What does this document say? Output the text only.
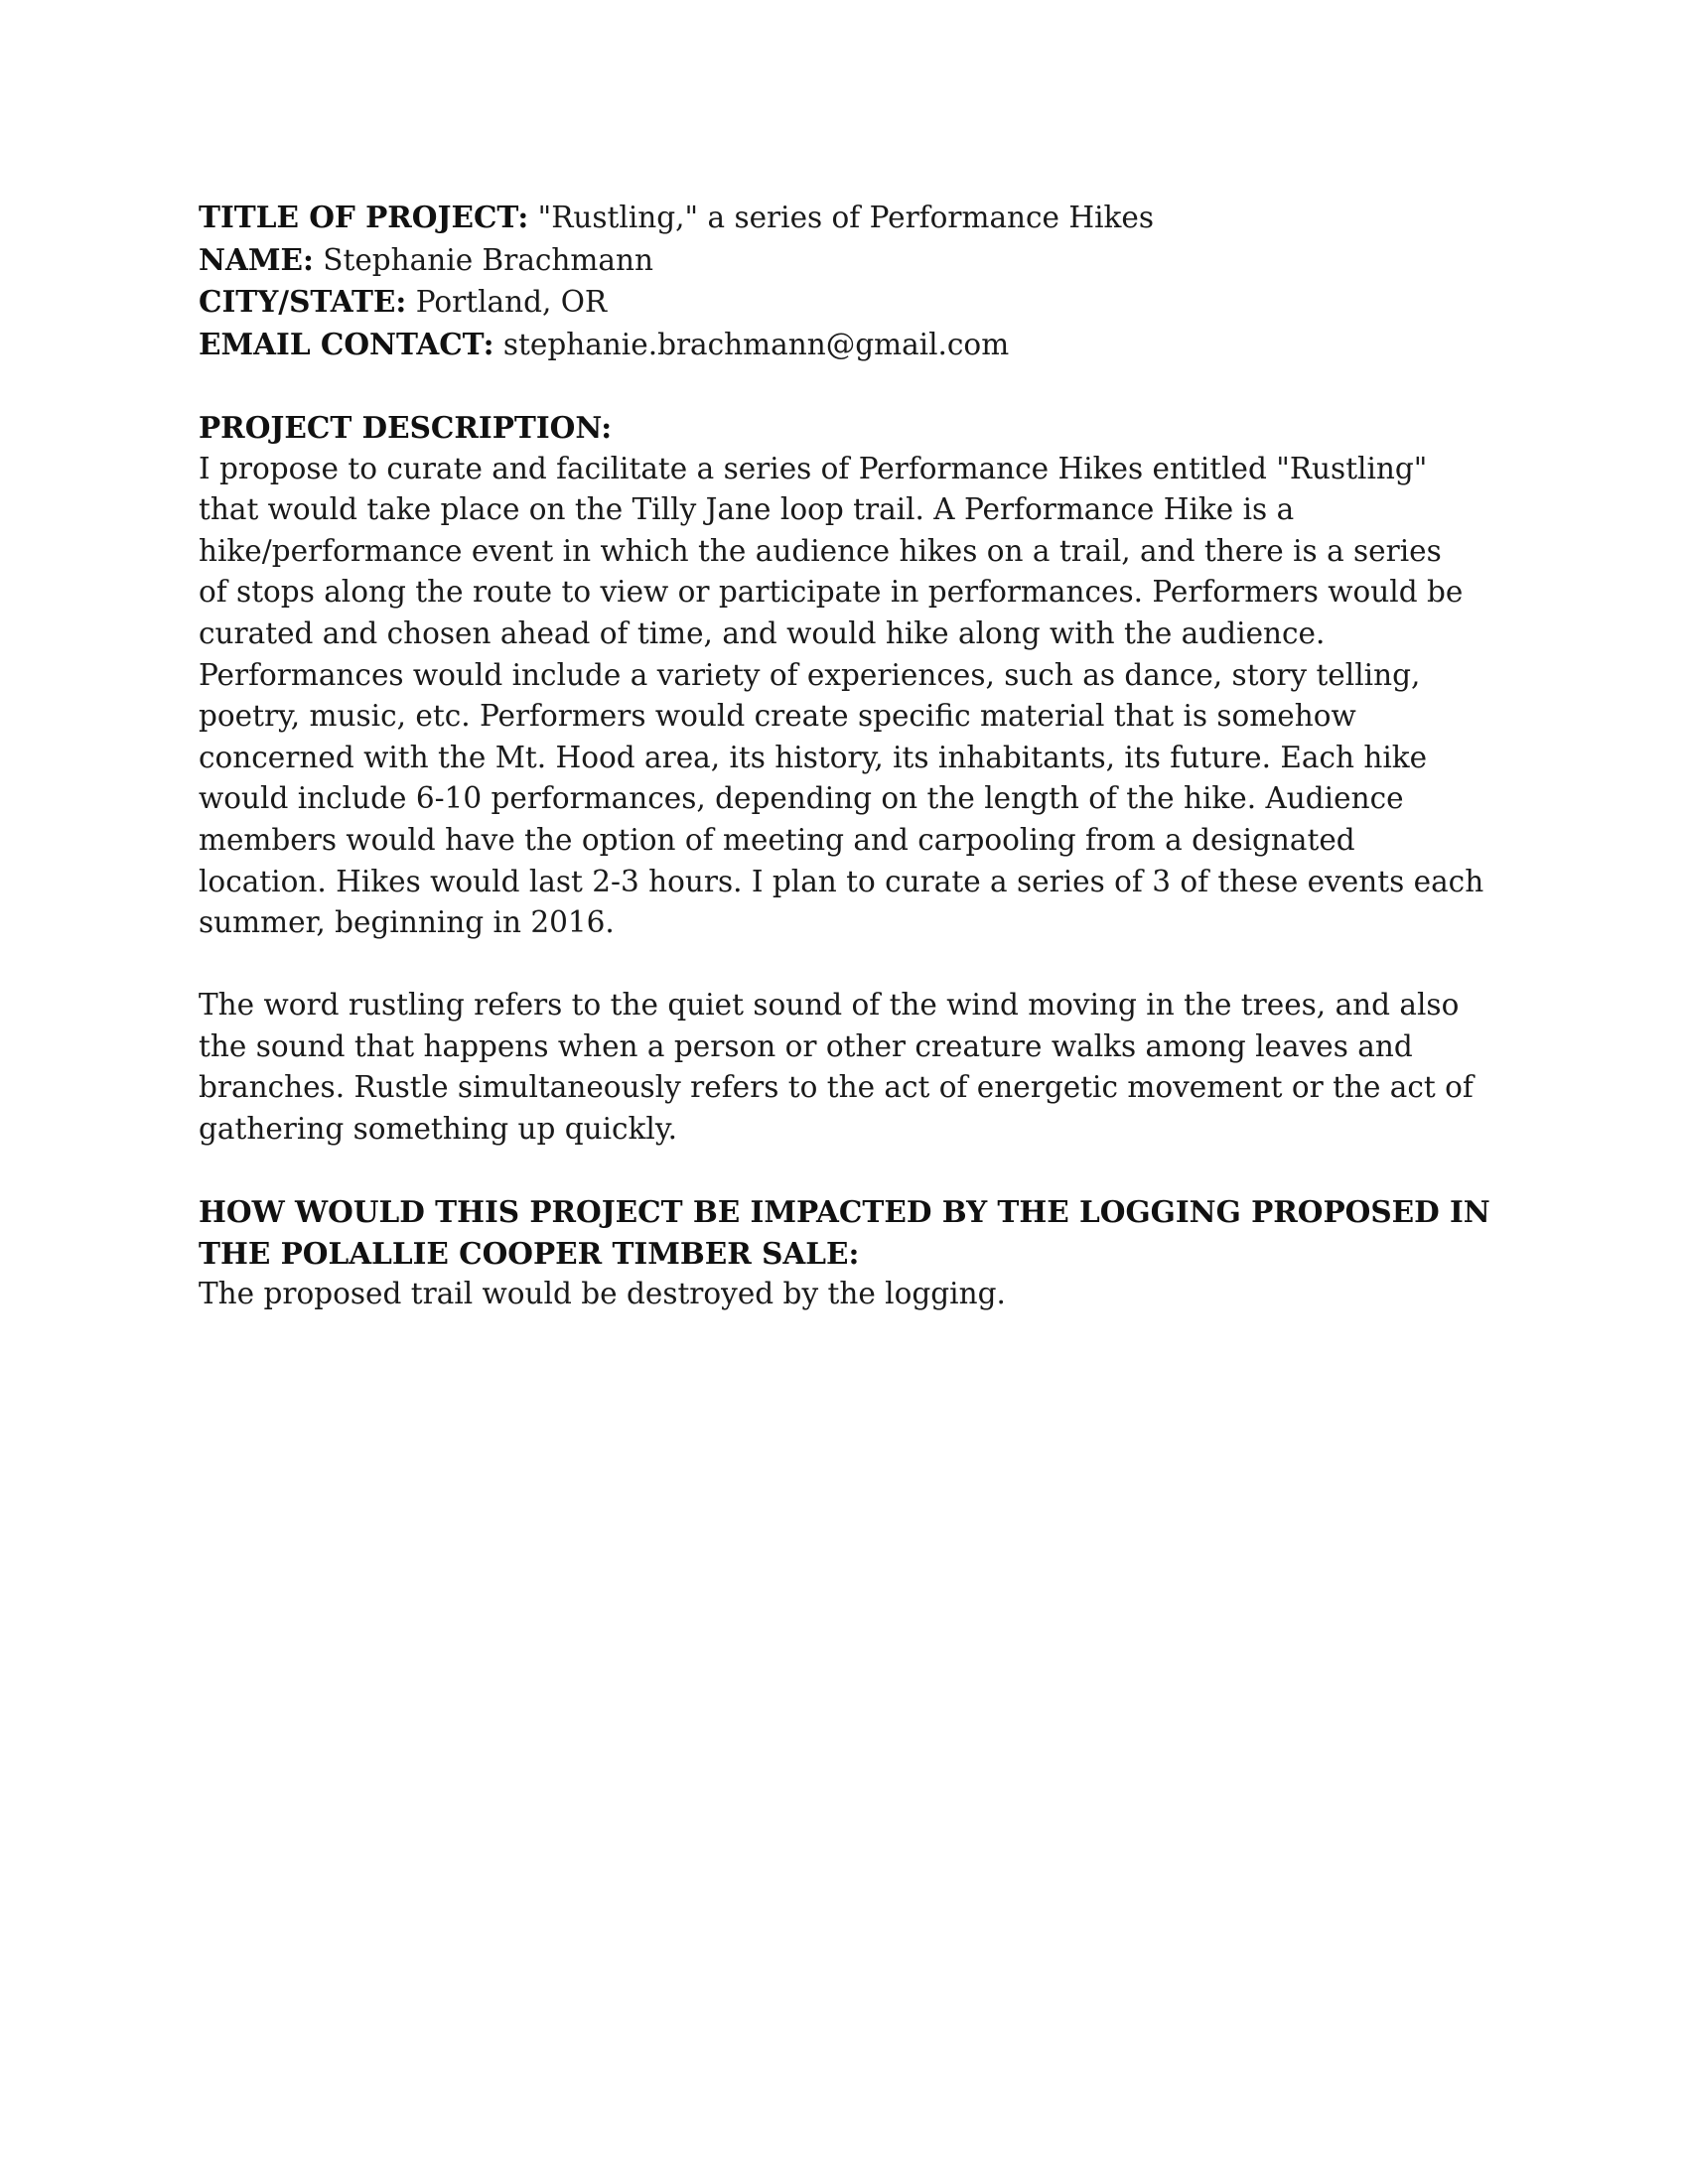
TITLE OF PROJECT: "Rustling," a series of Performance Hikes
NAME: Stephanie Brachmann
CITY/STATE: Portland, OR
EMAIL CONTACT: stephanie.brachmann@gmail.com
PROJECT DESCRIPTION:
I propose to curate and facilitate a series of Performance Hikes entitled "Rustling"
that would take place on the Tilly Jane loop trail. A Performance Hike is a
hike/performance event in which the audience hikes on a trail, and there is a series
of stops along the route to view or participate in performances. Performers would be
curated and chosen ahead of time, and would hike along with the audience.
Performances would include a variety of experiences, such as dance, story telling,
poetry, music, etc. Performers would create specific material that is somehow
concerned with the Mt. Hood area, its history, its inhabitants, its future. Each hike
would include 6-10 performances, depending on the length of the hike. Audience
members would have the option of meeting and carpooling from a designated
location. Hikes would last 2-3 hours. I plan to curate a series of 3 of these events each
summer, beginning in 2016.
The word rustling refers to the quiet sound of the wind moving in the trees, and also
the sound that happens when a person or other creature walks among leaves and
branches. Rustle simultaneously refers to the act of energetic movement or the act of
gathering something up quickly.
HOW WOULD THIS PROJECT BE IMPACTED BY THE LOGGING PROPOSED IN
THE POLALLIE COOPER TIMBER SALE:
The proposed trail would be destroyed by the logging.
